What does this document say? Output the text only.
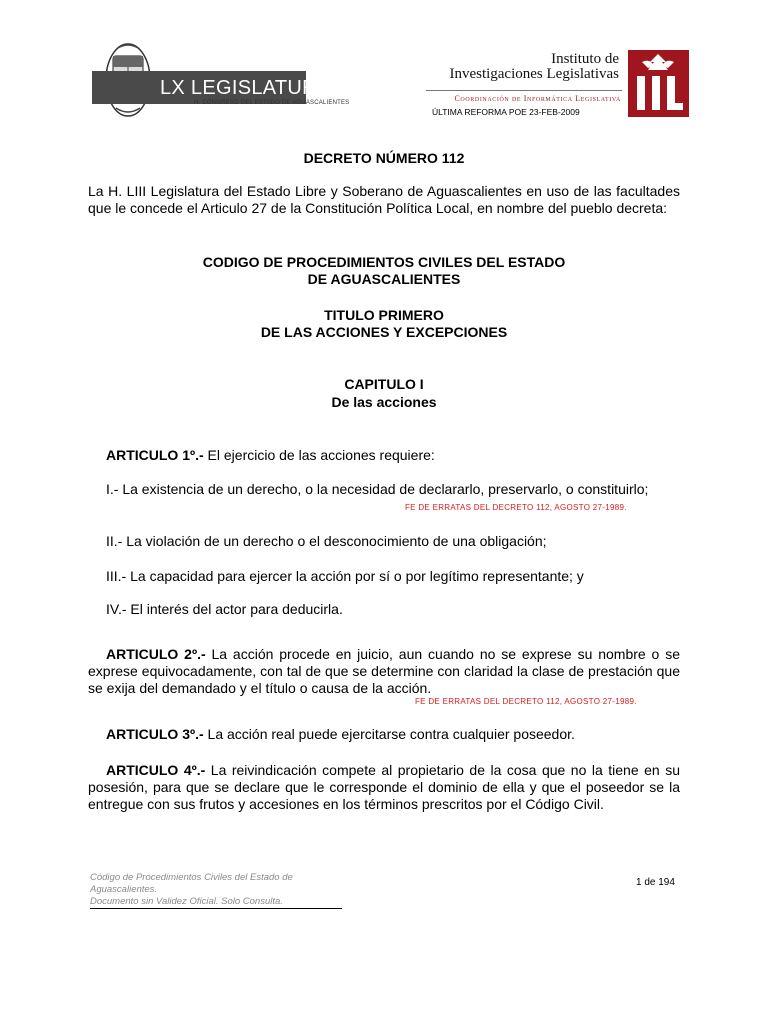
LX LEGISLATURA
H. CONGRESO DEL ESTADO DE AGUASCALIENTES
Instituto de
Investigaciones Legislativas
Coordinación de Informática Legislativa
ÚLTIMA REFORMA POE 23-FEB-2009
DECRETO NÚMERO 112
La H. LIII Legislatura del Estado Libre y Soberano de Aguascalientes en uso de las facultades que le concede el Articulo 27 de la Constitución Política Local, en nombre del pueblo decreta:
CODIGO DE PROCEDIMIENTOS CIVILES DEL ESTADO
DE AGUASCALIENTES
TITULO PRIMERO
DE LAS ACCIONES Y EXCEPCIONES
CAPITULO I
De las acciones
ARTICULO 1º.- El ejercicio de las acciones requiere:
I.- La existencia de un derecho, o la necesidad de declararlo, preservarlo, o constituirlo;
FE DE ERRATAS DEL DECRETO 112, AGOSTO 27-1989.
II.- La violación de un derecho o el desconocimiento de una obligación;
III.- La capacidad para ejercer la acción por sí o por legítimo representante; y
IV.- El interés del actor para deducirla.
ARTICULO 2º.- La acción procede en juicio, aun cuando no se exprese su nombre o se exprese equivocadamente, con tal de que se determine con claridad la clase de prestación que se exija del demandado y el título o causa de la acción.
FE DE ERRATAS DEL DECRETO 112, AGOSTO 27-1989.
ARTICULO 3º.- La acción real puede ejercitarse contra cualquier poseedor.
ARTICULO 4º.- La reivindicación compete al propietario de la cosa que no la tiene en su posesión, para que se declare que le corresponde el dominio de ella y que el poseedor se la entregue con sus frutos y accesiones en los términos prescritos por el Código Civil.
Código de Procedimientos Civiles del Estado de
Aguascalientes.
Documento sin Validez Oficial. Solo Consulta.
1 de 194
